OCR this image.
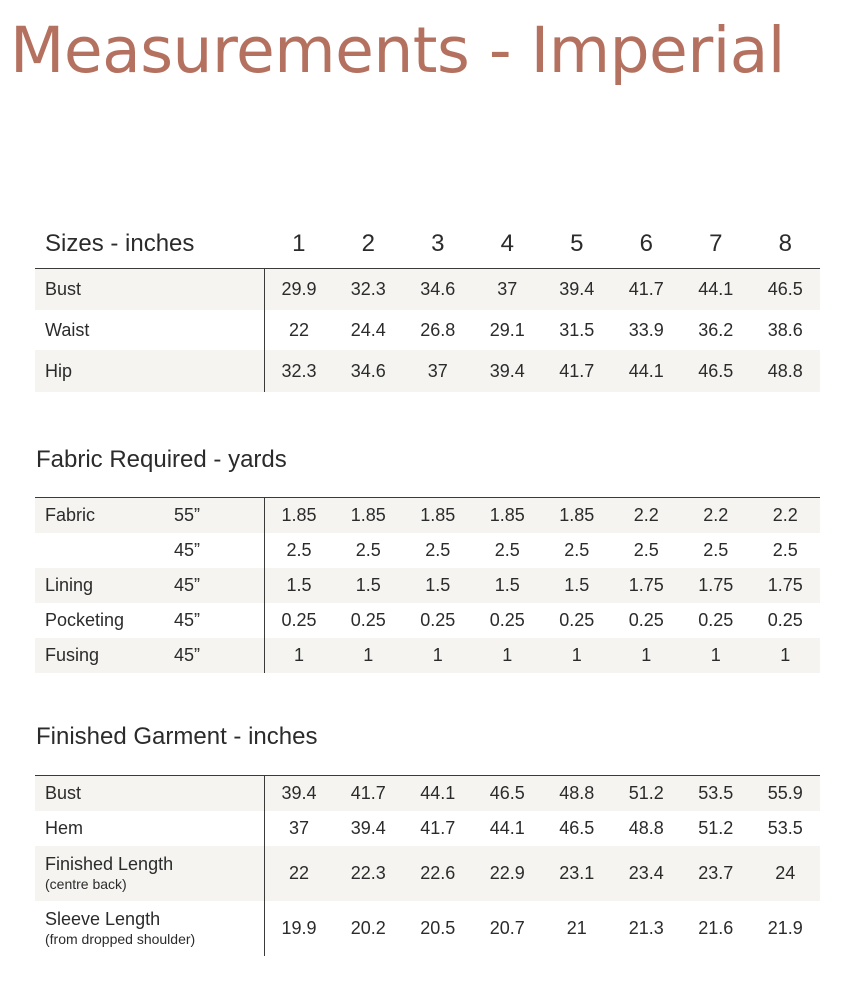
Measurements - Imperial
Sizes - inches	1	2	3	4	5	6	7	8
Bust	29.9	32.3	34.6	37	39.4	41.7	44.1	46.5
Waist	22	24.4	26.8	29.1	31.5	33.9	36.2	38.6
Hip	32.3	34.6	37	39.4	41.7	44.1	46.5	48.8
Fabric Required - yards
Fabric 55”	1.85	1.85	1.85	1.85	1.85	2.2	2.2	2.2

45”	2.5	2.5	2.5	2.5	2.5	2.5	2.5	2.5
Lining 45”	1.5	1.5	1.5	1.5	1.5	1.75	1.75	1.75
Pocketing 45”	0.25	0.25	0.25	0.25	0.25	0.25	0.25	0.25
Fusing 45”	1	1	1	1	1	1	1	1
Finished Garment - inches
Bust	39.4	41.7	44.1	46.5	48.8	51.2	53.5	55.9

Hem	37	39.4	41.7	44.1	46.5	48.8	51.2	53.5

Finished Length
(centre back)	22	22.3	22.6	22.9	23.1	23.4	23.7	24

Sleeve Length
(from dropped shoulder)	19.9	20.2	20.5	20.7	21	21.3	21.6	21.9
